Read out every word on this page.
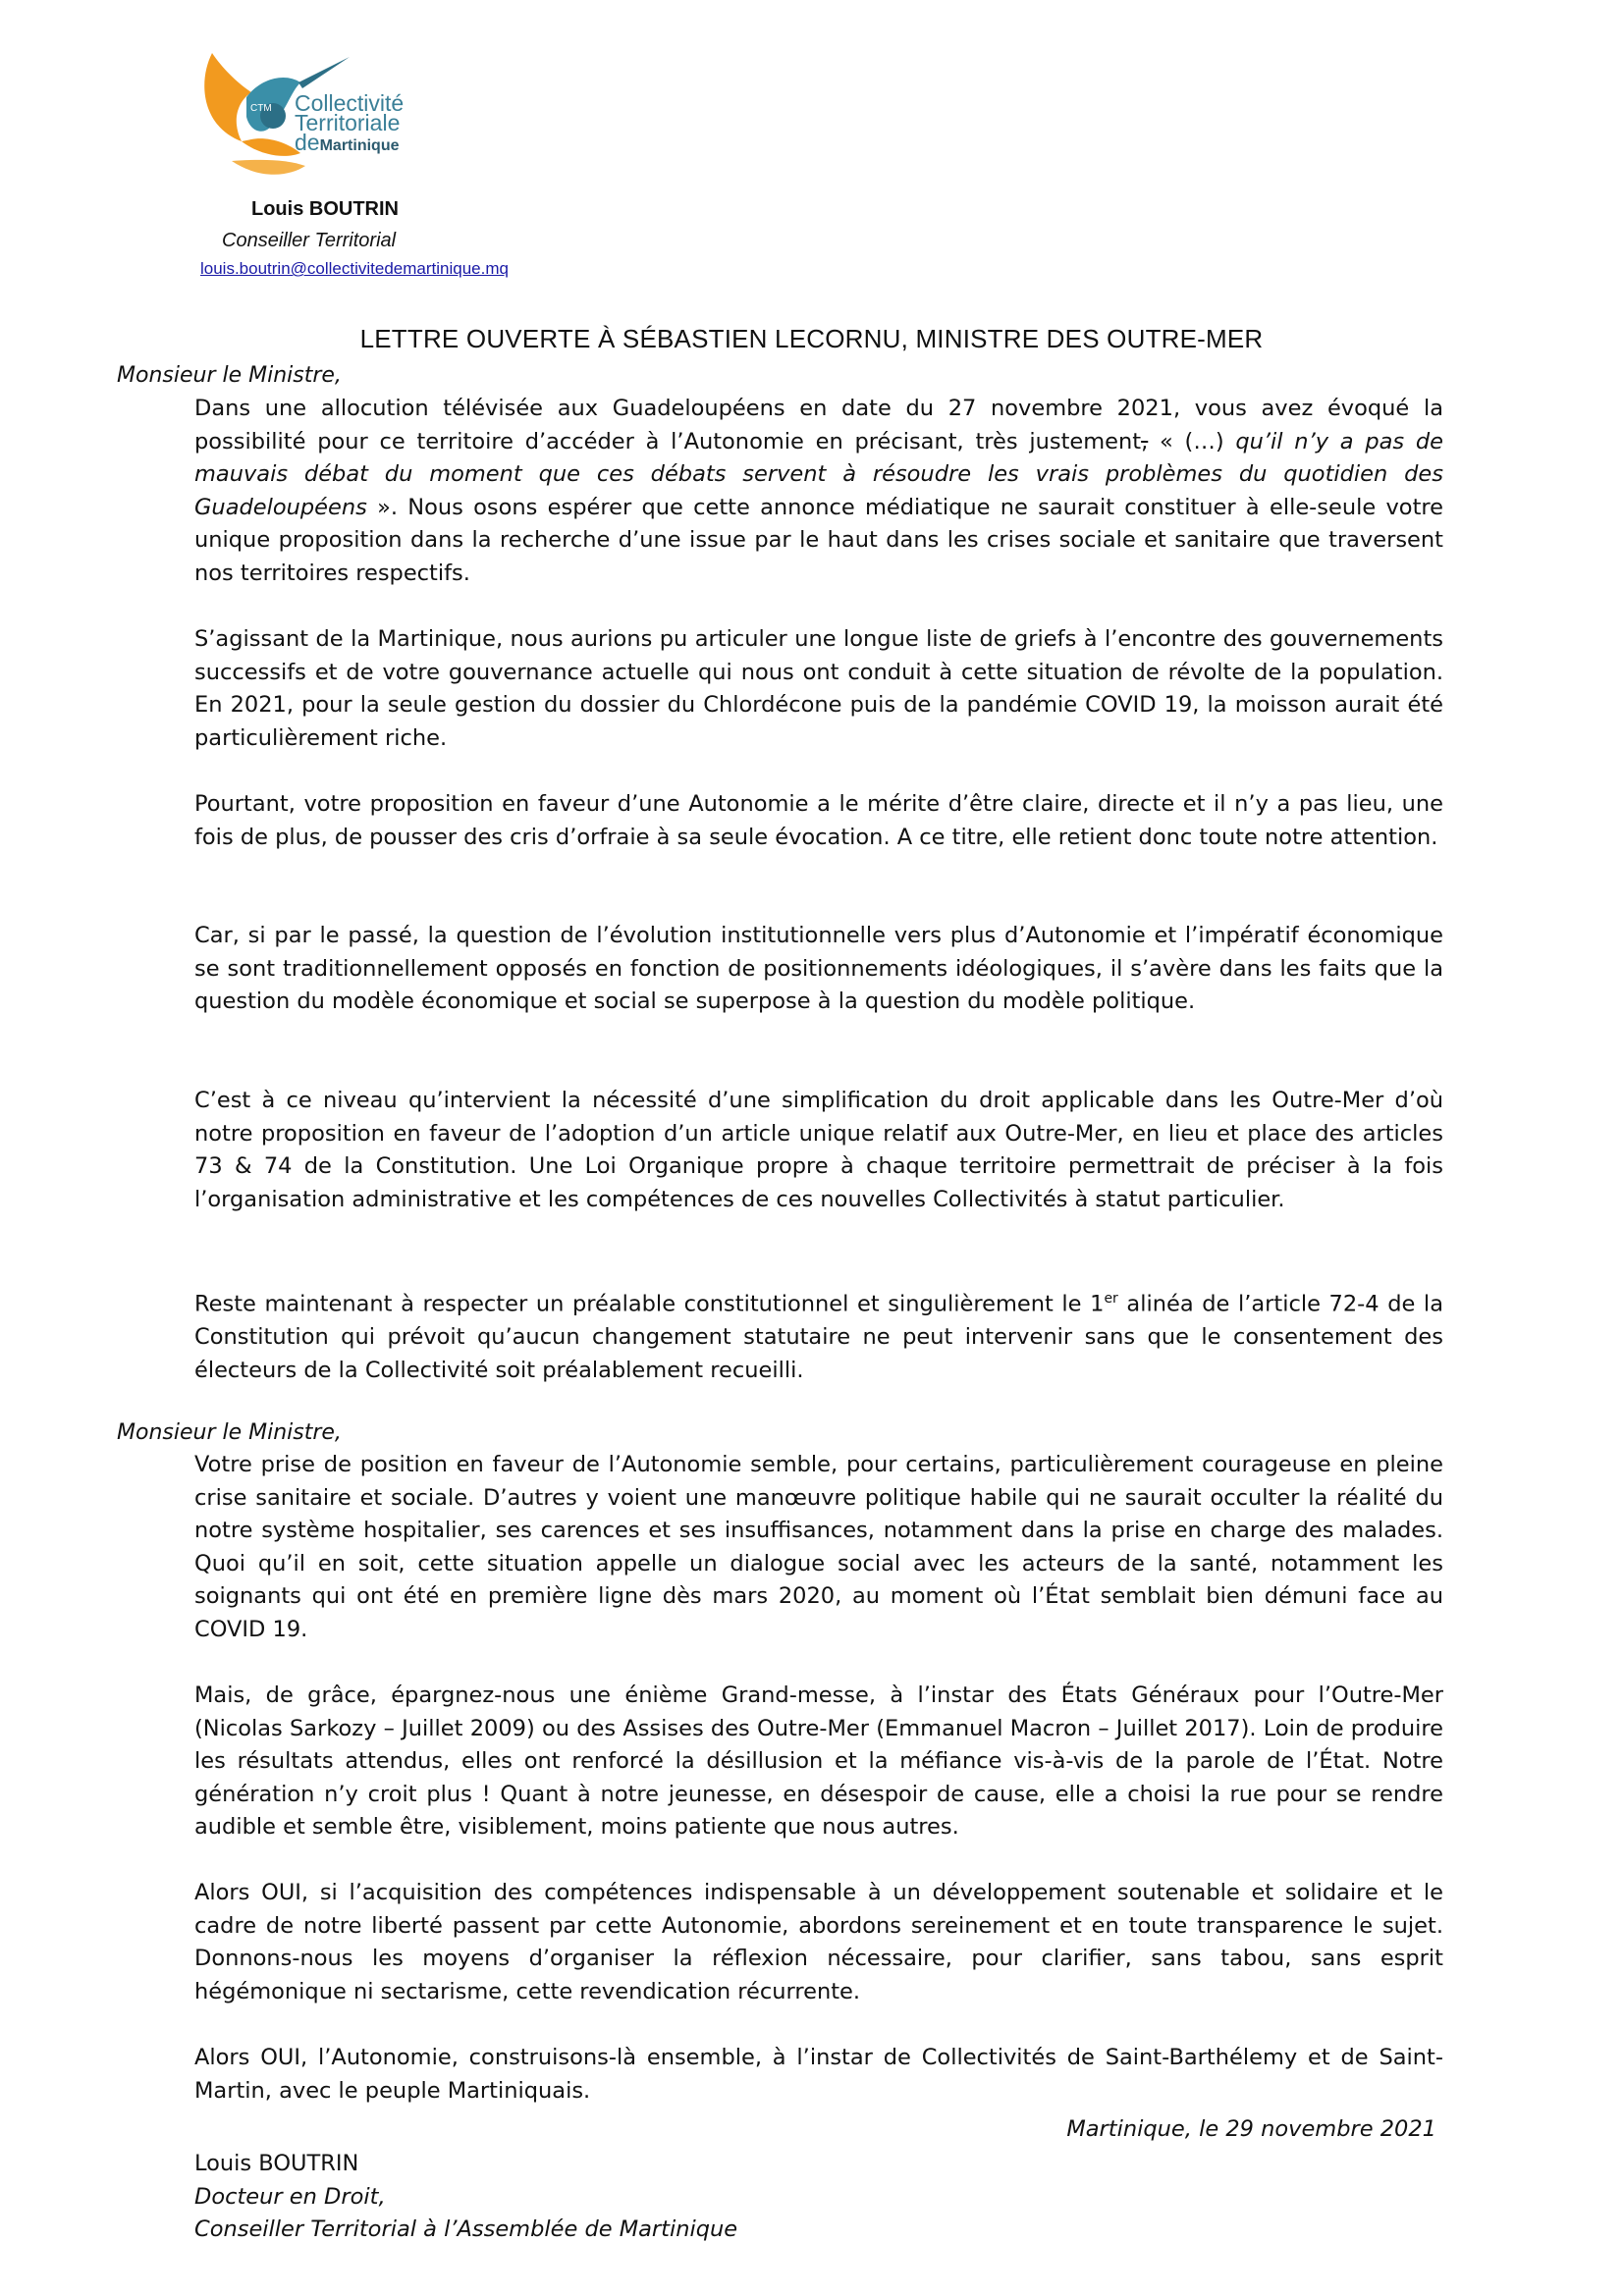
CTM Collectivité
Territoriale
deMartinique
Louis BOUTRIN
Conseiller Territorial
louis.boutrin@collectivitedemartinique.mq
LETTRE OUVERTE À SÉBASTIEN LECORNU, MINISTRE DES OUTRE-MER
Monsieur le Ministre,

Dans une allocution télévisée aux Guadeloupéens en date du 27 novembre 2021, vous avez évoqué la possibilité pour ce territoire d’accéder à l’Autonomie en précisant, très justement, « (…) qu’il n’y a pas de mauvais débat du moment que ces débats servent à résoudre les vrais problèmes du quotidien des Guadeloupéens ». Nous osons espérer que cette annonce médiatique ne saurait constituer à elle-seule votre unique proposition dans la recherche d’une issue par le haut dans les crises sociale et sanitaire que traversent nos territoires respectifs.

S’agissant de la Martinique, nous aurions pu articuler une longue liste de griefs à l’encontre des gouvernements successifs et de votre gouvernance actuelle qui nous ont conduit à cette situation de révolte de la population. En 2021, pour la seule gestion du dossier du Chlordécone puis de la pandémie COVID 19, la moisson aurait été particulièrement riche.

Pourtant, votre proposition en faveur d’une Autonomie a le mérite d’être claire, directe et il n’y a pas lieu, une fois de plus, de pousser des cris d’orfraie à sa seule évocation. A ce titre, elle retient donc toute notre attention.

Car, si par le passé, la question de l’évolution institutionnelle vers plus d’Autonomie et l’impératif économique se sont traditionnellement opposés en fonction de positionnements idéologiques, il s’avère dans les faits que la question du modèle économique et social se superpose à la question du modèle politique.

C’est à ce niveau qu’intervient la nécessité d’une simplification du droit applicable dans les Outre-Mer d’où notre proposition en faveur de l’adoption d’un article unique relatif aux Outre-Mer, en lieu et place des articles 73 & 74 de la Constitution. Une Loi Organique propre à chaque territoire permettrait de préciser à la fois l’organisation administrative et les compétences de ces nouvelles Collectivités à statut particulier.

Reste maintenant à respecter un préalable constitutionnel et singulièrement le 1er alinéa de l’article 72-4 de la Constitution qui prévoit qu’aucun changement statutaire ne peut intervenir sans que le consentement des électeurs de la Collectivité soit préalablement recueilli.

Monsieur le Ministre,

Votre prise de position en faveur de l’Autonomie semble, pour certains, particulièrement courageuse en pleine crise sanitaire et sociale. D’autres y voient une manœuvre politique habile qui ne saurait occulter la réalité du notre système hospitalier, ses carences et ses insuffisances, notamment dans la prise en charge des malades. Quoi qu’il en soit, cette situation appelle un dialogue social avec les acteurs de la santé, notamment les soignants qui ont été en première ligne dès mars 2020, au moment où l’État semblait bien démuni face au COVID 19.

Mais, de grâce, épargnez-nous une énième Grand-messe, à l’instar des États Généraux pour l’Outre-Mer (Nicolas Sarkozy – Juillet 2009) ou des Assises des Outre-Mer (Emmanuel Macron – Juillet 2017). Loin de produire les résultats attendus, elles ont renforcé la désillusion et la méfiance vis-à-vis de la parole de l’État. Notre génération n’y croit plus ! Quant à notre jeunesse, en désespoir de cause, elle a choisi la rue pour se rendre audible et semble être, visiblement, moins patiente que nous autres.

Alors OUI, si l’acquisition des compétences indispensable à un développement soutenable et solidaire et le cadre de notre liberté passent par cette Autonomie, abordons sereinement et en toute transparence le sujet. Donnons-nous les moyens d’organiser la réflexion nécessaire, pour clarifier, sans tabou, sans esprit hégémonique ni sectarisme, cette revendication récurrente.

Alors OUI, l’Autonomie, construisons-là ensemble, à l’instar de Collectivités de Saint-Barthélemy et de Saint-Martin, avec le peuple Martiniquais.

Martinique, le 29 novembre 2021
Louis BOUTRIN
Docteur en Droit,
Conseiller Territorial à l’Assemblée de Martinique
